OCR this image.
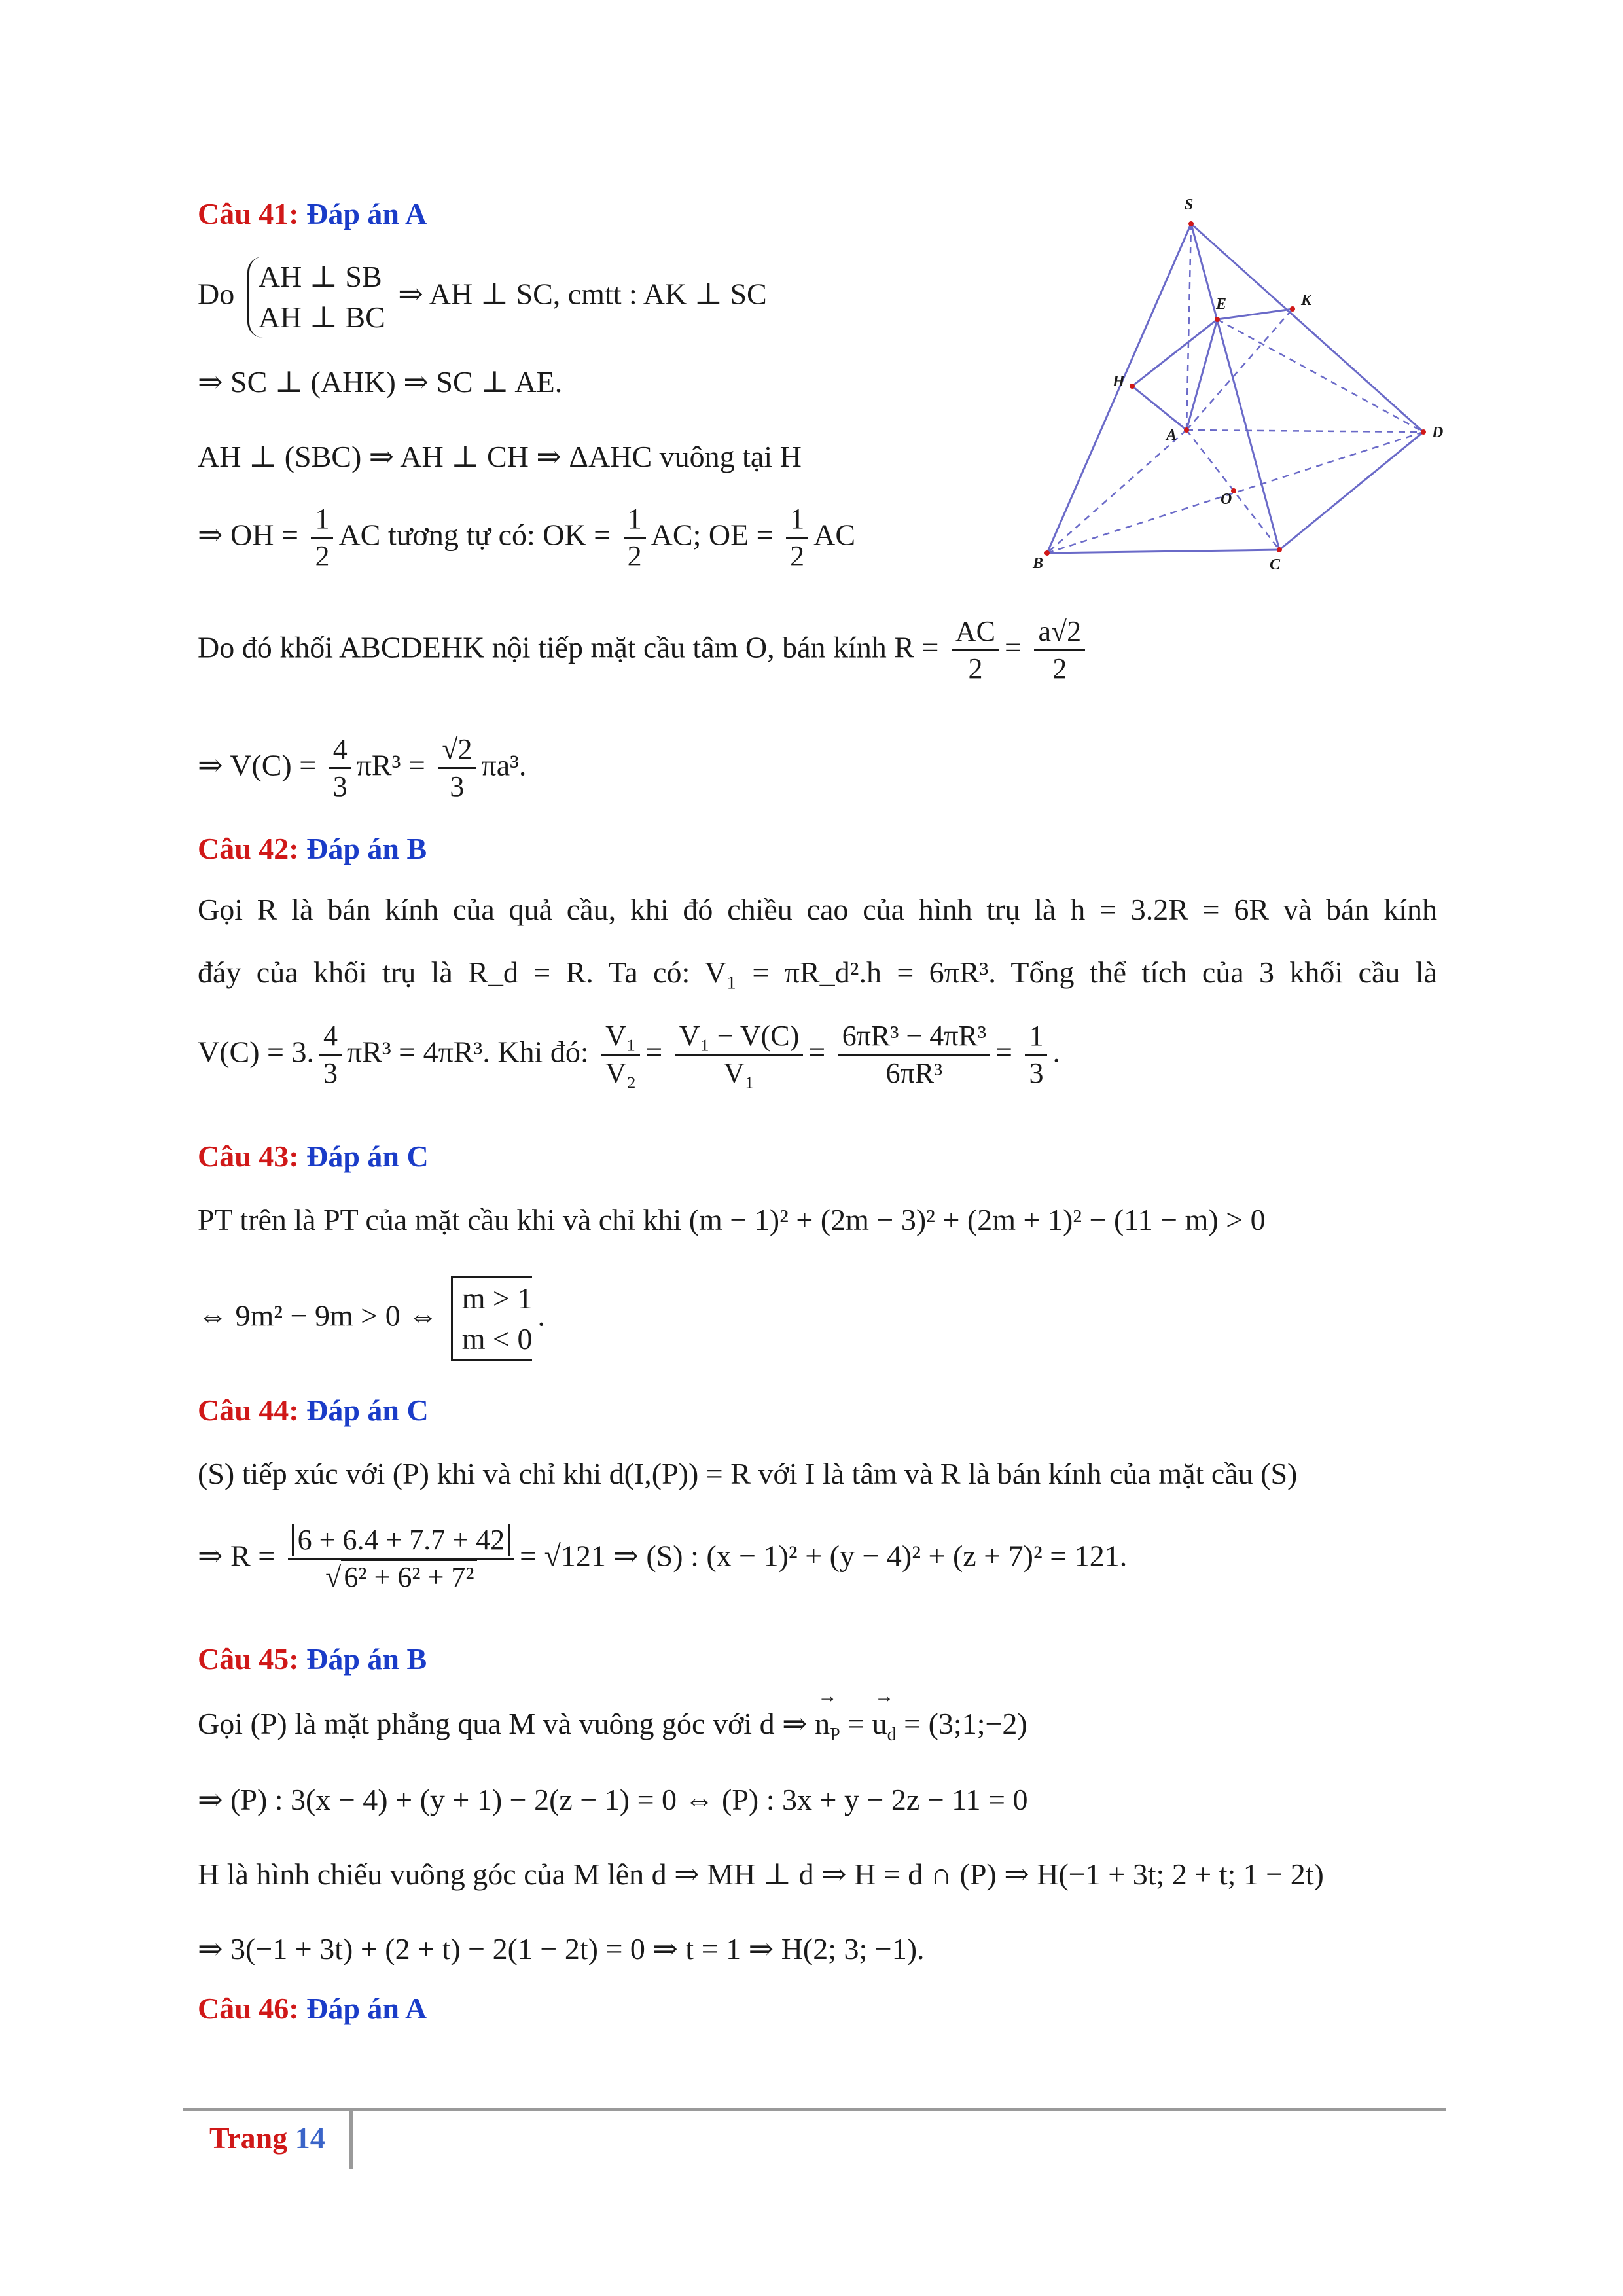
Câu 41: Đáp án A
Do
AH ⊥ SB
AH ⊥ BC
⇒ AH ⊥ SC, cmtt : AK ⊥ SC
⇒ SC ⊥ (AHK) ⇒ SC ⊥ AE.
AH ⊥ (SBC) ⇒ AH ⊥ CH ⇒ ΔAHC vuông tại H
⇒ OH = $\frac{1}{2}$ AC tương tự có: OK = $\frac{1}{2}$ AC; OE = $\frac{1}{2}$ AC
Do đó khối ABCDEHK nội tiếp mặt cầu tâm O, bán kính $R = \frac{AC}{2} = \frac{a√2}{2}$
⇒ $V(C) = \frac{4}{3} \pi R^3 = \frac{√2}{3} \pi a^3$.
S
E	K
H
A	D
O
B	C
Câu 42: Đáp án B
Gọi R là bán kính của quả cầu, khi đó chiều cao của hình trụ là h = 3.2R = 6R và bán kính
đáy của khối trụ là R_d = R. Ta có: V₁ = πR_d².h = 6πR³. Tổng thể tích của 3 khối cầu là
V(C) = 3. $\frac{4}{3} \pi R^3 = 4\pi R^3$. Khi đó: $\frac{\text{V₁}}{\text{V₂}} = \frac{\text{V₁ − V(C)}}{\text{V₁}} = \frac{\text{6πR³ − 4πR³}}{\text{6πR³}} = \frac{1}{3}$ .
Câu 43: Đáp án C
PT trên là PT của mặt cầu khi và chỉ khi (m − 1)² + (2m − 3)² + (2m + 1)² − (11 − m) > 0
⇔ 9m² − 9m > 0 ⇔
m > 1
m < 0
.
Câu 44: Đáp án C
(S) tiếp xúc với (P) khi và chỉ khi d(I,(P)) = R với I là tâm và R là bán kính của mặt cầu (S)
⇒ $R = \frac{6 + 6.4 + 7.7 + 42}{\text{√6² + 6² + 7²}} = √121$ ⇒ (S) : (x − 1)² + (y − 4)² + (z + 7)² = 121.
Câu 45: Đáp án B
Gọi (P) là mặt phẳng qua M và vuông góc với d ⇒ → $n_P$ = → $u_d$ = (3;1;−2)
⇒ (P) : 3(x − 4) + (y + 1) − 2(z − 1) = 0 ⇔ (P) : 3x + y − 2z − 11 = 0
H là hình chiếu vuông góc của M lên d ⇒ MH ⊥ d ⇒ H = d ∩ (P) ⇒ H(−1 + 3t; 2 + t; 1 − 2t)
⇒ 3(−1 + 3t) + (2 + t) − 2(1 − 2t) = 0 ⇒ t = 1 ⇒ H(2; 3; −1).
Câu 46: Đáp án A
Trang 14
